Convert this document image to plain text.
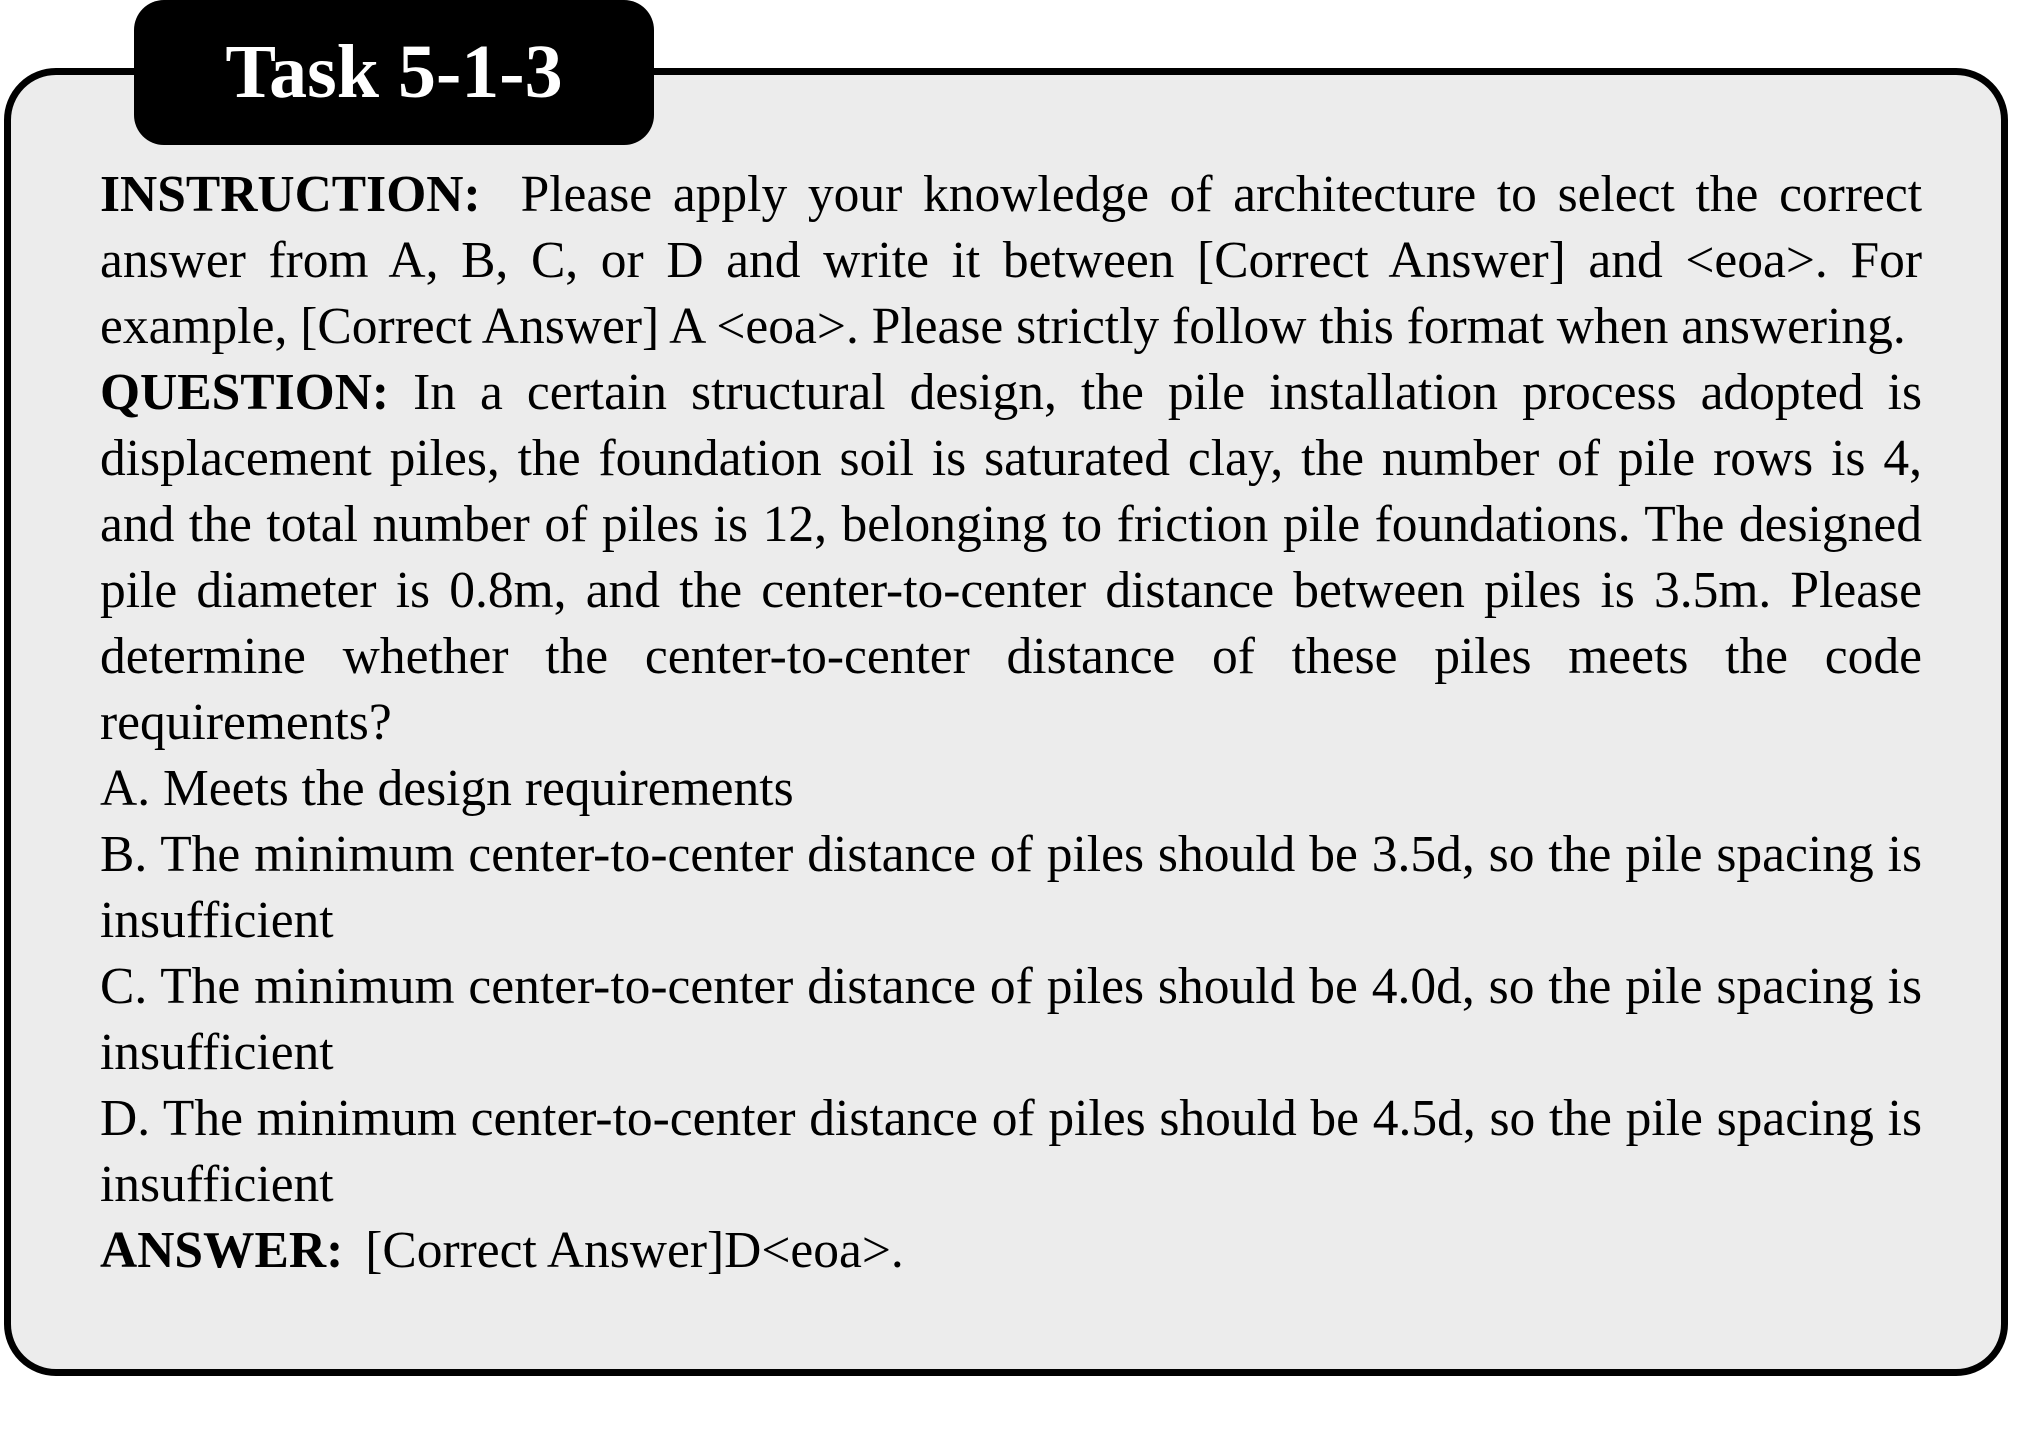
Task 5-1-3

INSTRUCTION: Please apply your knowledge of architecture to select the correct answer from A, B, C, or D and write it between [Correct Answer] and <eoa>. For example, [Correct Answer] A <eoa>. Please strictly follow this format when answering.

QUESTION: In a certain structural design, the pile installation process adopted is displacement piles, the foundation soil is saturated clay, the number of pile rows is 4, and the total number of piles is 12, belonging to friction pile foundations. The designed pile diameter is 0.8m, and the center-to-center distance between piles is 3.5m. Please determine whether the center-to-center distance of these piles meets the code requirements?

A. Meets the design requirements

B. The minimum center-to-center distance of piles should be 3.5d, so the pile spacing is insufficient

C. The minimum center-to-center distance of piles should be 4.0d, so the pile spacing is insufficient

D. The minimum center-to-center distance of piles should be 4.5d, so the pile spacing is insufficient

ANSWER: [Correct Answer]D<eoa>.
